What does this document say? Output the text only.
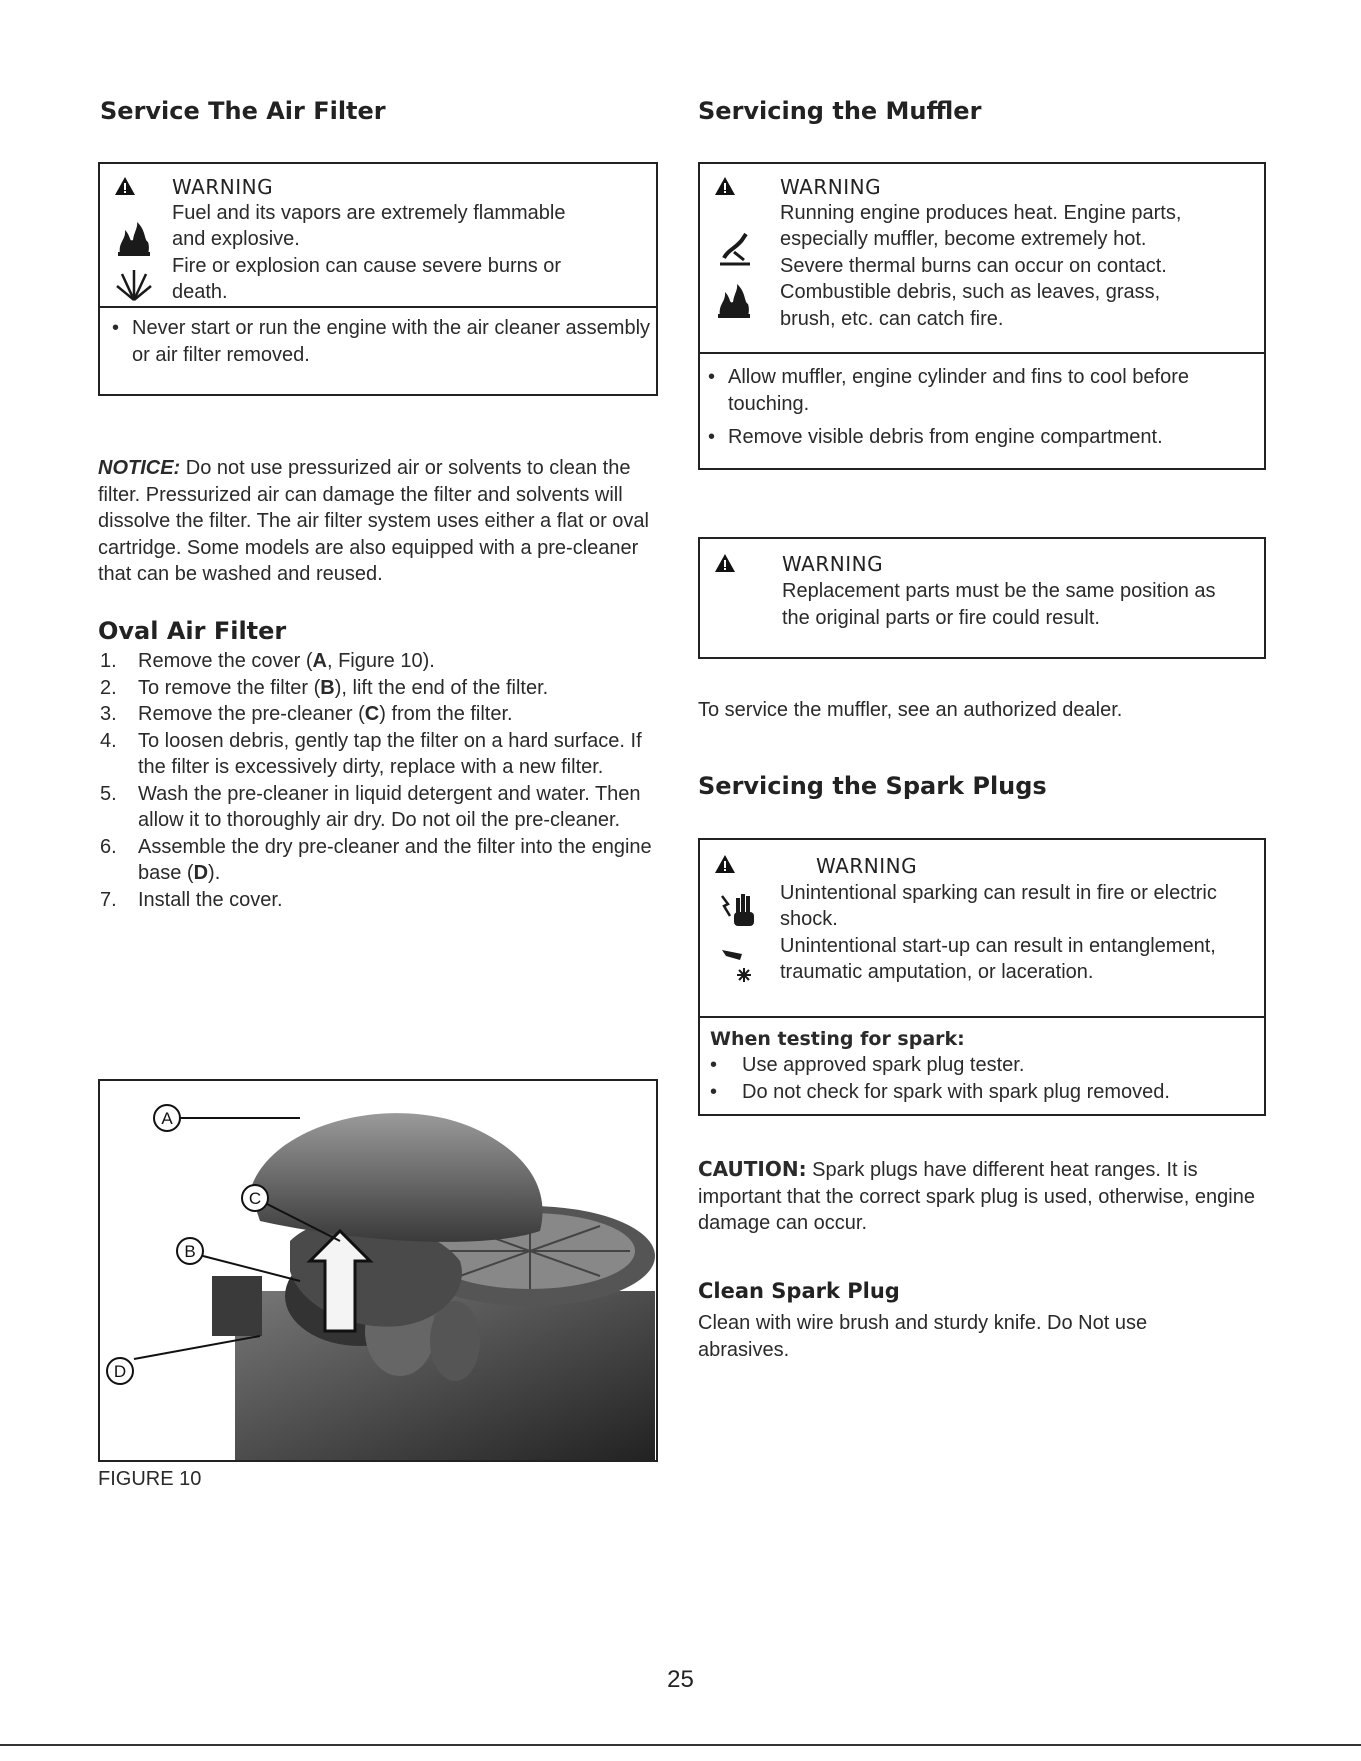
Service The Air Filter
WARNING
Fuel and its vapors are extremely flammable
and explosive.
Fire or explosion can cause severe burns or
death.
• Never start or run the engine with the air cleaner assembly or air filter removed.
NOTICE: Do not use pressurized air or solvents to clean the filter. Pressurized air can damage the filter and solvents will dissolve the filter. The air filter system uses either a flat or oval cartridge. Some models are also equipped with a pre-cleaner that can be washed and reused.
Oval Air Filter
1. Remove the cover (A, Figure 10).
2. To remove the filter (B), lift the end of the filter.
3. Remove the pre-cleaner (C) from the filter.
4. To loosen debris, gently tap the filter on a hard surface. If the filter is excessively dirty, replace with a new filter.
5. Wash the pre-cleaner in liquid detergent and water. Then allow it to thoroughly air dry. Do not oil the pre-cleaner.
6. Assemble the dry pre-cleaner and the filter into the engine base (D).
7. Install the cover.
A
C
B
D
FIGURE 10
Servicing the Muffler
WARNING
Running engine produces heat. Engine parts,
especially muffler, become extremely hot.
Severe thermal burns can occur on contact.
Combustible debris, such as leaves, grass,
brush, etc. can catch fire.
• Allow muffler, engine cylinder and fins to cool before touching.
• Remove visible debris from engine compartment.
WARNING
Replacement parts must be the same position as
the original parts or fire could result.
To service the muffler, see an authorized dealer.
Servicing the Spark Plugs
WARNING
Unintentional sparking can result in fire or electric
shock.
Unintentional start-up can result in entanglement,
traumatic amputation, or laceration.
When testing for spark:
• Use approved spark plug tester.
• Do not check for spark with spark plug removed.
CAUTION: Spark plugs have different heat ranges. It is important that the correct spark plug is used, otherwise, engine damage can occur.
Clean Spark Plug
Clean with wire brush and sturdy knife. Do Not use abrasives.
25
